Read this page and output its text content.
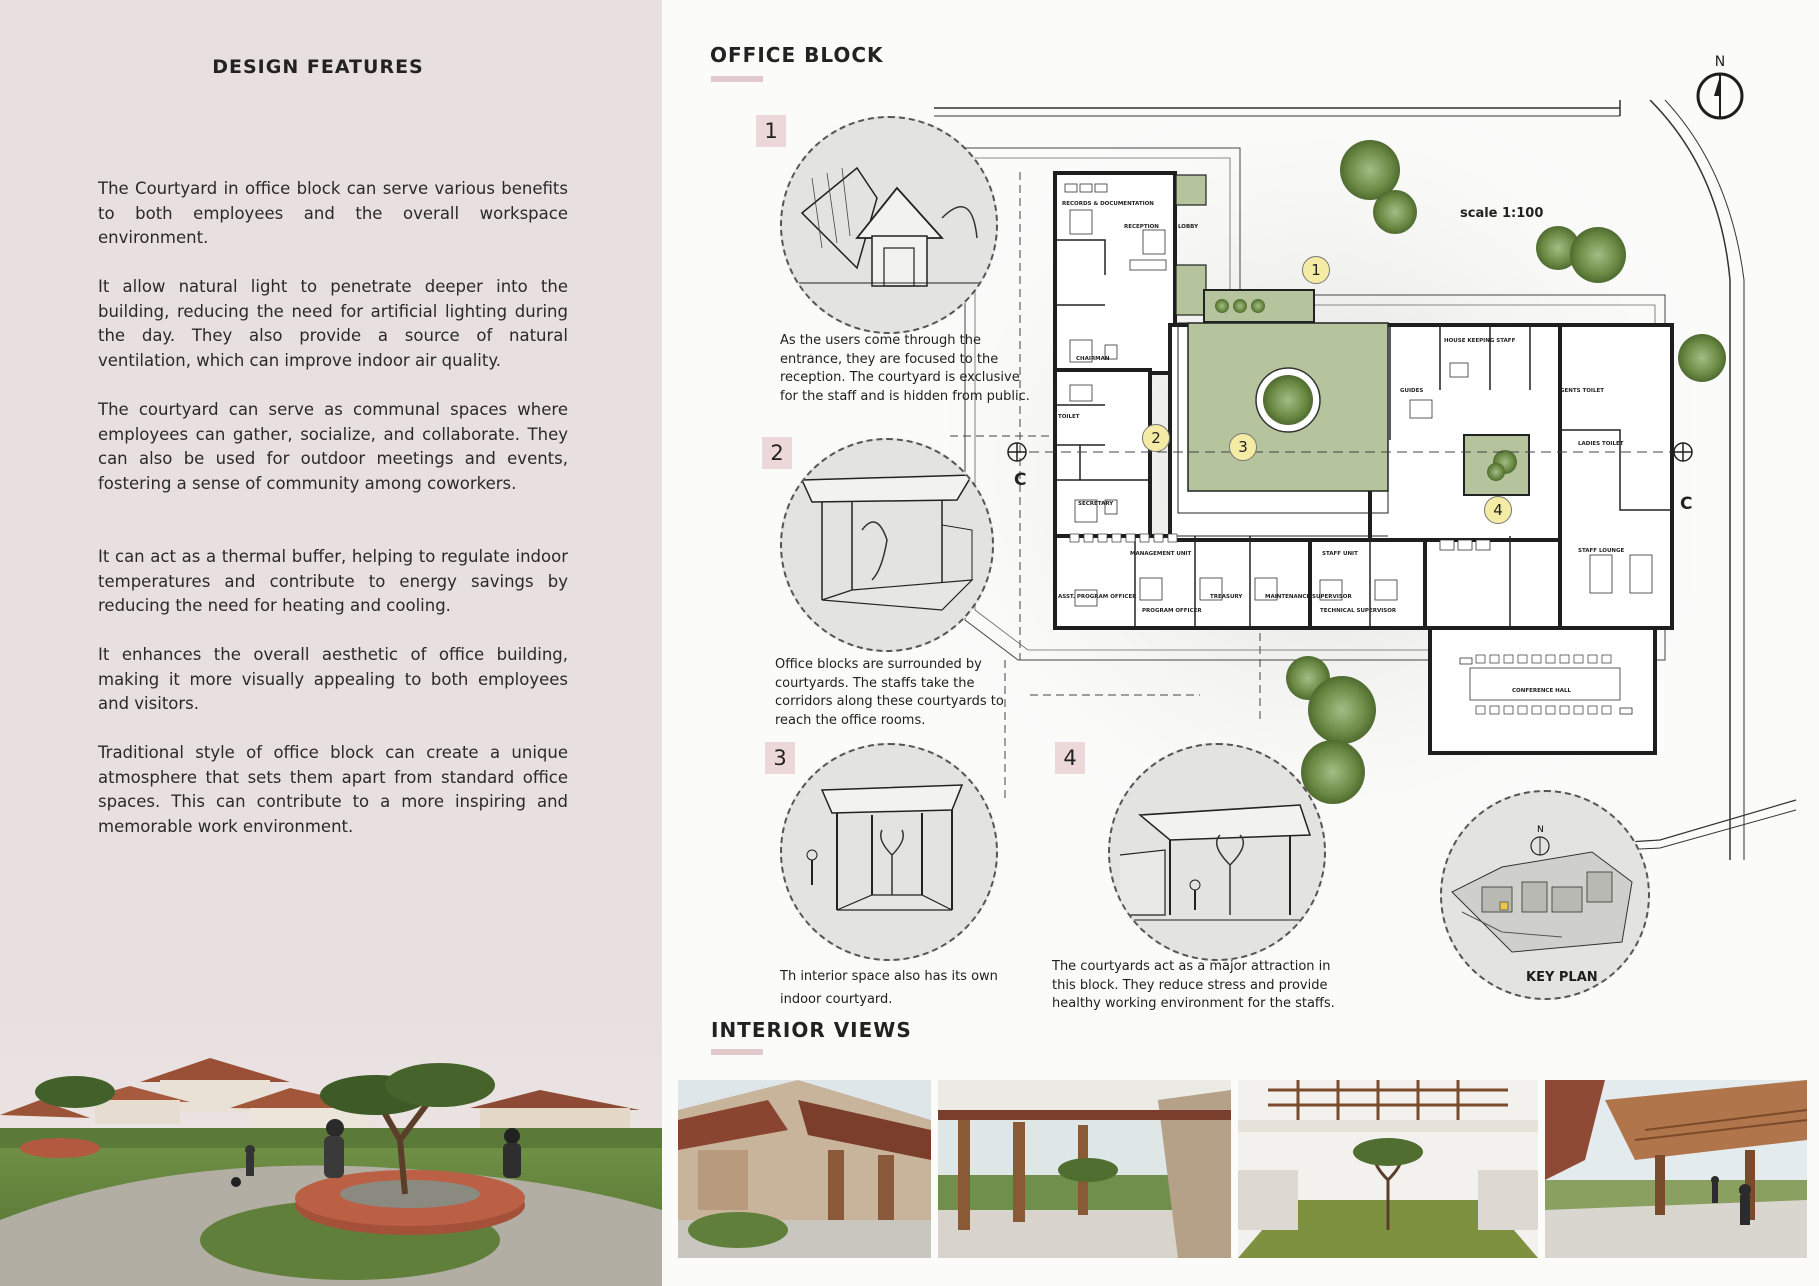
DESIGN FEATURES

The Courtyard in office block can serve various benefits to both employees and the overall workspace environment.

It allow natural light to penetrate deeper into the building, reducing the need for artificial lighting during the day. They also provide a source of natural ventilation, which can improve indoor air quality.

The courtyard can serve as communal spaces where employees can gather, socialize, and collaborate. They can also be used for outdoor meetings and events, fostering a sense of community among coworkers.

It can act as a thermal buffer, helping to regulate indoor temperatures and contribute to energy savings by reducing the need for heating and cooling.

It enhances the overall aesthetic of office building, making it more visually appealing to both employees and visitors.

Traditional style of office block can create a unique atmosphere that sets them apart from standard office spaces. This can contribute to a more inspiring and memorable work environment.

OFFICE BLOCK
RECORDS & DOCUMENTATION
RECEPTION	LOBBY
CHAIRMAN
TOILET
SECRETARY
GUIDES
HOUSE KEEPING STAFF
GENTS TOILET
LADIES TOILET
MANAGEMENT UNIT	STAFF UNIT	STAFF LOUNGE
ASST. PROGRAM OFFICER
PROGRAM OFFICER
TREASURY	MAINTENANCE SUPERVISOR
TECHNICAL SUPERVISOR
CONFERENCE HALL
scale 1:100
N
C
C
1
2	3
4
1

As the users come through the entrance, they are focused to the reception. The courtyard is exclusive for the staff and is hidden from public.

2

Office blocks are surrounded by courtyards. The staffs take the corridors along these courtyards to reach the office rooms.

3

Th interior space also has its own indoor courtyard.

4

The courtyards act as a major attraction in this block. They reduce stress and provide healthy working environment for the staffs.

N
KEY PLAN
INTERIOR VIEWS
